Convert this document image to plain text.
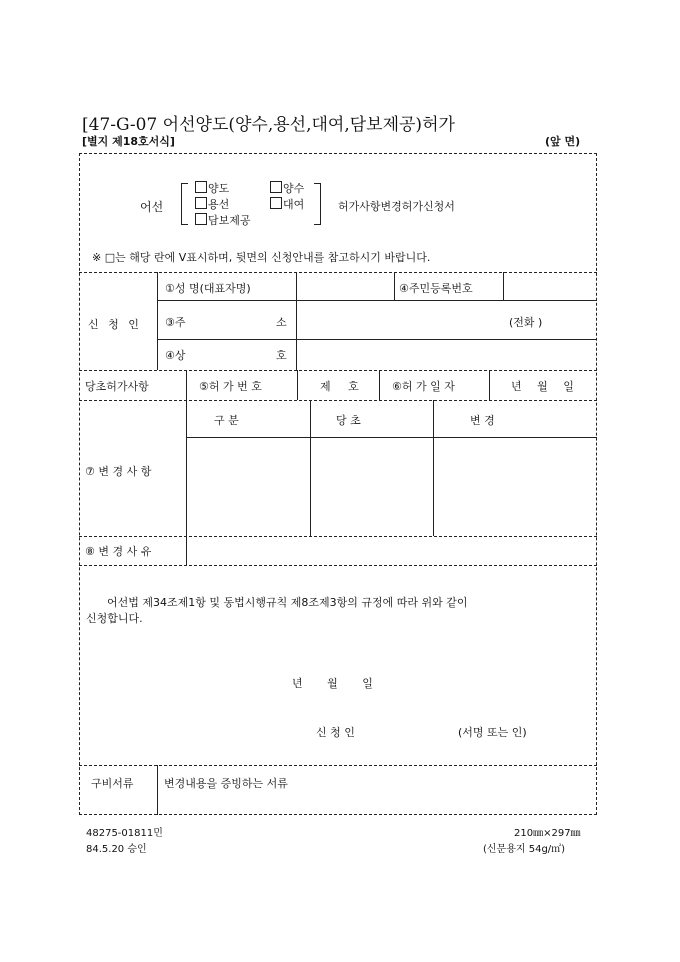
[47-G-07 어선양도(양수,용선,대여,담보제공)허가
[별지 제18호서식]	(앞 면)
어선
양도	양수
용선	대여
담보제공
허가사항변경허가신청서
※ □는 해당 란에 V표시하며, 뒷면의 신청안내를 참고하시기 바랍니다.
신 청 인
①성 명(대표자명)	④주민등록번호
③주	소	(전화 )
④상	호
당초허가사항	⑤허 가 번 호	제 호	⑥허 가 일 자	년 월 일
구 분	당 초	변 경
⑦ 변 경 사 항
⑧ 변 경 사 유
어선법 제34조제1항 및 동법시행규칙 제8조제3항의 규정에 따라 위와 같이
신청합니다.
년       월       일
신 청 인	(서명 또는 인)
구비서류	변경내용을 증빙하는 서류
48275-01811민
84.5.20 승인
210㎜×297㎜
(신문용지 54g/㎡)
